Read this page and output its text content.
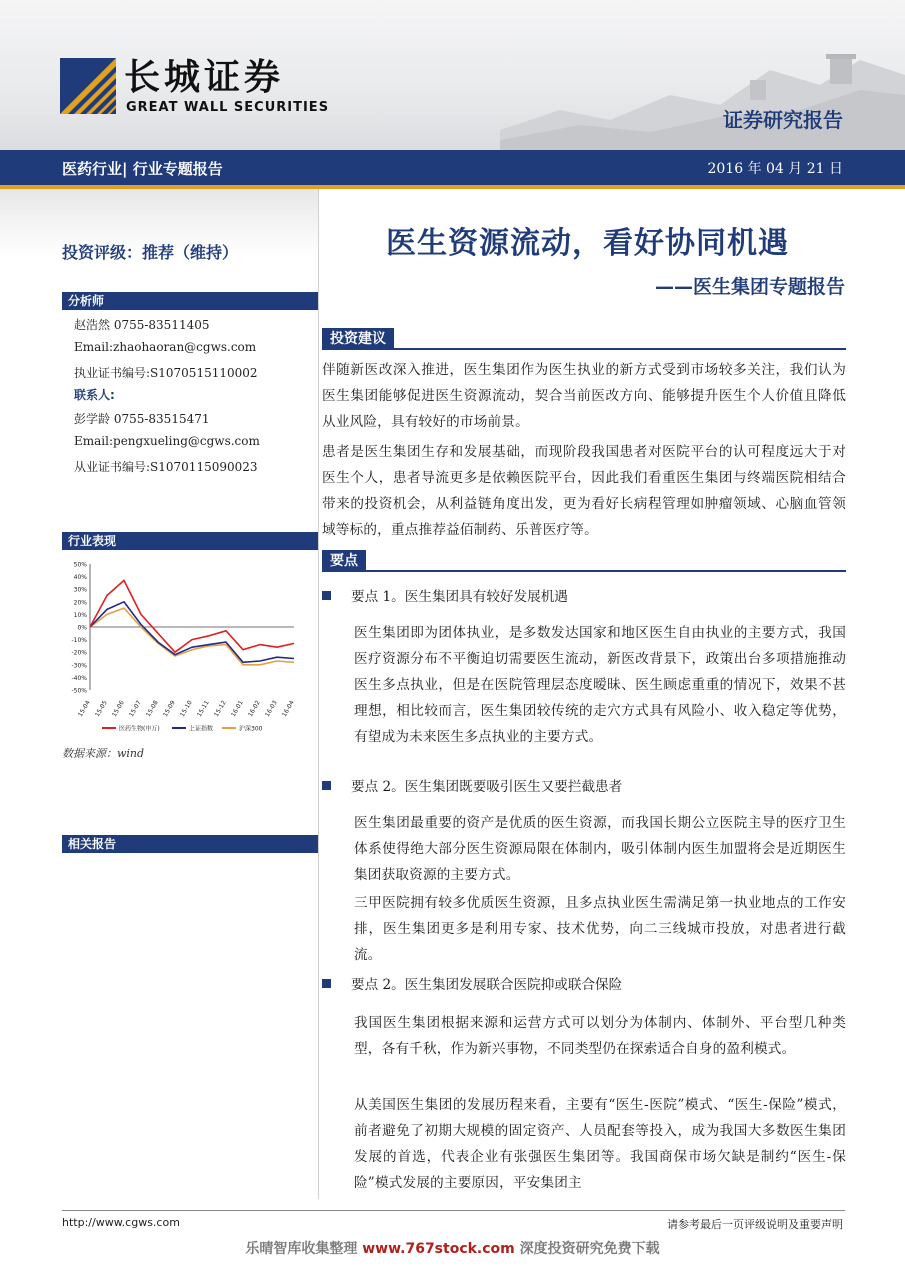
长城证券
GREAT WALL SECURITIES
证券研究报告
医药行业| 行业专题报告	2016 年 04 月 21 日
投资评级：推荐（维持）
分析师
赵浩然 0755-83511405
Email:zhaohaoran@cgws.com
执业证书编号:S1070515110002
联系人:
彭学龄 0755-83515471
Email:pengxueling@cgws.com
从业证书编号:S1070115090023
行业表现
50%
40%
30%
20%
10%
0%
-10%
-20%
-30%
-40%
-50%
15-04 15-05 15-06 15-07 15-08 15-09 15-10 15-11 15-12 16-01 16-02 16-03 16-04
医药生物(申万)	上证指数	沪深300
数据来源：wind
相关报告
医生资源流动，看好协同机遇
——医生集团专题报告
投资建议
伴随新医改深入推进，医生集团作为医生执业的新方式受到市场较多关注，我们认为医生集团能够促进医生资源流动，契合当前医改方向、能够提升医生个人价值且降低从业风险，具有较好的市场前景。
患者是医生集团生存和发展基础，而现阶段我国患者对医院平台的认可程度远大于对医生个人，患者导流更多是依赖医院平台，因此我们看重医生集团与终端医院相结合带来的投资机会，从利益链角度出发，更为看好长病程管理如肿瘤领域、心脑血管领域等标的，重点推荐益佰制药、乐普医疗等。
要点
要点 1。医生集团具有较好发展机遇
医生集团即为团体执业，是多数发达国家和地区医生自由执业的主要方式，我国医疗资源分布不平衡迫切需要医生流动，新医改背景下，政策出台多项措施推动医生多点执业，但是在医院管理层态度暧昧、医生顾虑重重的情况下，效果不甚理想，相比较而言，医生集团较传统的走穴方式具有风险小、收入稳定等优势，有望成为未来医生多点执业的主要方式。
要点 2。医生集团既要吸引医生又要拦截患者
医生集团最重要的资产是优质的医生资源，而我国长期公立医院主导的医疗卫生体系使得绝大部分医生资源局限在体制内，吸引体制内医生加盟将会是近期医生集团获取资源的主要方式。
三甲医院拥有较多优质医生资源，且多点执业医生需满足第一执业地点的工作安排，医生集团更多是利用专家、技术优势，向二三线城市投放，对患者进行截流。
要点 2。医生集团发展联合医院抑或联合保险
我国医生集团根据来源和运营方式可以划分为体制内、体制外、平台型几种类型，各有千秋，作为新兴事物，不同类型仍在探索适合自身的盈利模式。
从美国医生集团的发展历程来看，主要有“医生-医院”模式、“医生-保险”模式，前者避免了初期大规模的固定资产、人员配套等投入，成为我国大多数医生集团发展的首选，代表企业有张强医生集团等。我国商保市场欠缺是制约“医生-保险”模式发展的主要原因，平安集团主
http://www.cgws.com	请参考最后一页评级说明及重要声明
乐晴智库收集整理 www.767stock.com 深度投资研究免费下载
